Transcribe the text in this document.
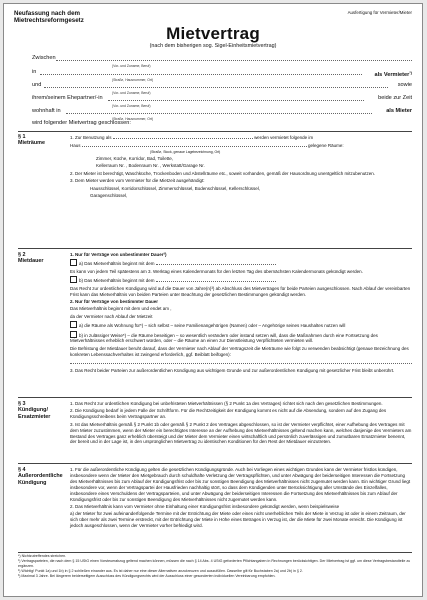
Neufassung nach dem Mietrechtsreformgesetz
Ausfertigung für Vermieter/Mieter
Mietvertrag
(nach dem bisherigen sog. Sigel-Einheitsmietvertrag)
Zwischen
(Vor- und Zuname, Beruf)
in
(Straße, Hausnummer, Ort)
als Vermieter$^{^1)}$
und
(Vor- und Zuname, Beruf)
sowie
ihrem/seinem Ehepartner/-in
(Vor- und Zuname, Beruf)
beide zur Zeit
wohnhaft in
(Straße, Hausnummer, Ort)
als Mieter
wird folgender Mietvertrag geschlossen:
§ 1
Mieträume

1. Zur Benutzung als	werden vermietet folgende im

Haus	gelegene Räume:

(Straße, Stock, genaue Lagebezeichnung, Ort)

Zimmer, Küche, Korridor, Bad, Toilette,

Kellerraum Nr. , Bodenraum Nr. , Werkstatt/Garage Nr.

2. Der Mieter ist berechtigt, Waschküche, Trockenboden und Abstellräume etc., soweit vorhanden, gemäß der Hausordnung unentgeltlich mitzubenutzen.

3. Dem Mieter werden vom Vermieter für die Mietzeit ausgehändigt:

Hausschlüssel, Korridorschlüssel, Zimmerschlüssel, Bodenschlüssel, Kellerschlüssel,

Garagenschlüssel,

§ 2
Mietdauer

1. Nur für Verträge von unbestimmter Dauer²)

a) Das Mietverhältnis beginnt mit dem

Es kann von jedem Teil spätestens am 3. Werktag eines Kalendermonats für den letzten Tag des übernächsten Kalendermonats gekündigt werden.

b) Das Mietverhältnis beginnt mit dem

Das Recht zur ordentlichen Kündigung wird auf die Dauer von Jahre(n)³) ab Abschluss des Mietvertrages für beide Parteien ausgeschlossen. Nach Ablauf der vereinbarten Frist kann das Mietverhältnis von beiden Parteien unter Beachtung der gesetzlichen Bestimmungen gekündigt werden.

2. Nur für Verträge von bestimmter Dauer

Das Mietverhältnis beginnt mit dem und endet am ,

da der Vermieter nach Ablauf der Mietzeit

a) die Räume als Wohnung für*) – sich selbst – seine Familienangehörigen (Namen) oder – Angehörige seines Haushaltes nutzen will

b) in zulässiger Weise*) – die Räume beseitigen – so wesentlich verändern oder instand setzen will, dass die Maßnahmen durch eine Fortsetzung des Mietverhältnisses erheblich erschwert würden, oder – die Räume an einen zur Dienstleistung Verpflichteten vermieten will.

Die Befristung der Mietdauer beruht darauf, dass der Vermieter nach Ablauf der Vertragszeit die Mieträume wie folgt zu verwenden beabsichtigt (genaue Bezeichnung des konkreten Lebenssachverhaltes ist zwingend erforderlich, ggf. Beiblatt beifügen):

3. Das Recht beider Parteien zur außerordentlichen Kündigung aus wichtigem Grunde und zur außerordentlichen Kündigung mit gesetzlicher Frist bleibt unberührt.

§ 3
Kündigung/ Ersatzmieter

1. Das Recht zur ordentlichen Kündigung bei unbefristeten Mietverhältnissen (§ 2 Punkt 1a des Vertrages) richtet sich nach den gesetzlichen Bestimmungen.

2. Die Kündigung bedarf in jedem Falle der Schriftform. Für die Rechtzeitigkeit der Kündigung kommt es nicht auf die Absendung, sondern auf den Zugang des Kündigungsschreibens beim Vertragspartner an.

3. Ist das Mietverhältnis gemäß § 2 Punkt 1b oder gemäß § 2 Punkt 2 des Vertrages abgeschlossen, so ist der Vermieter verpflichtet, einer Aufhebung des Vertrages mit dem Mieter zuzustimmen, wenn der Mieter ein berechtigtes Interesse an der Aufhebung des Mietverhältnisses geltend machen kann, welches dasjenige des Vermieters am Bestand des Vertrages ganz erheblich übersteigt und der Mieter dem Vermieter einen wirtschaftlich und persönlich zuverlässigen und zumutbaren Ersatzmieter benennt, der bereit und in der Lage ist, in den ursprünglichen Mietvertrag zu identischen Konditionen für den Rest der Mietdauer einzutreten.

§ 4
Außerordentliche Kündigung

1. Für die außerordentliche Kündigung gelten die gesetzlichen Kündigungsgründe. Auch bei Vorliegen eines wichtigen Grundes kann der Vermieter fristlos kündigen, insbesondere wenn der Mieter den Mietgebrauch durch schuldhafte Verletzung der Vertragspflichten, und unter Abwägung der beiderseitigen Interessen die Fortsetzung des Mietverhältnisses bis zum Ablauf der Kündigungsfrist oder bis zur sonstigen Beendigung des Mietverhältnisses nicht zugemutet werden kann. Ein wichtiger Grund liegt insbesondere vor, wenn der Vertragspartei der Hausfrieden nachhaltig stört, so dass dem Kündigenden unter Berücksichtigung aller Umstände des Einzelfalles, insbesondere eines Verschuldens der Vertragsparteien, und unter Abwägung der beiderseitigen Interessen die Fortsetzung des Mietverhältnisses bis zum Ablauf der Kündigungsfrist oder bis zur sonstigen Beendigung des Mietverhältnisses nicht zugemutet werden kann.

2. Das Mietverhältnis kann vom Vermieter ohne Einhaltung einer Kündigungsfrist insbesondere gekündigt werden, wenn beispielsweise

a) der Mieter für zwei aufeinanderfolgende Termine mit der Entrichtung der Miete oder eines nicht unerheblichen Teils der Miete in Verzug ist oder in einem Zeitraum, der sich über mehr als zwei Termine erstreckt, mit der Entrichtung der Miete in Höhe eines Betrages in Verzug ist, der die Miete für zwei Monate erreicht. Die Kündigung ist jedoch ausgeschlossen, wenn der Vermieter vorher befriedigt wird.

*) Nichtzutreffendes streichen.

¹) Vertragsparteien, die nach dem § 15 UStG einen Vorsteuerabzug geltend machen können, müssen die nach § 14 Abs. 4 UStG geforderten Pflichtangaben in Rechnungen berücksichtigen. Der Mietvertrag ist ggf. um diese Vertragsbestandteile zu ergänzen.

²) Wichtig! Punkt 1a) und 1b) in § 2 schließen einander aus. Es ist daher nur eine dieser Alternativen anzukreuzen und auszufüllen. Dasselbe gilt für Buchstaben 2a) und 2b) in § 2.

³) Maximal 3 Jahre. Bei längerem beiderseitigem Ausschluss des Kündigungsrechts wird der Ausschluss einer gesonderten individuellen Vereinbarung empfohlen.
